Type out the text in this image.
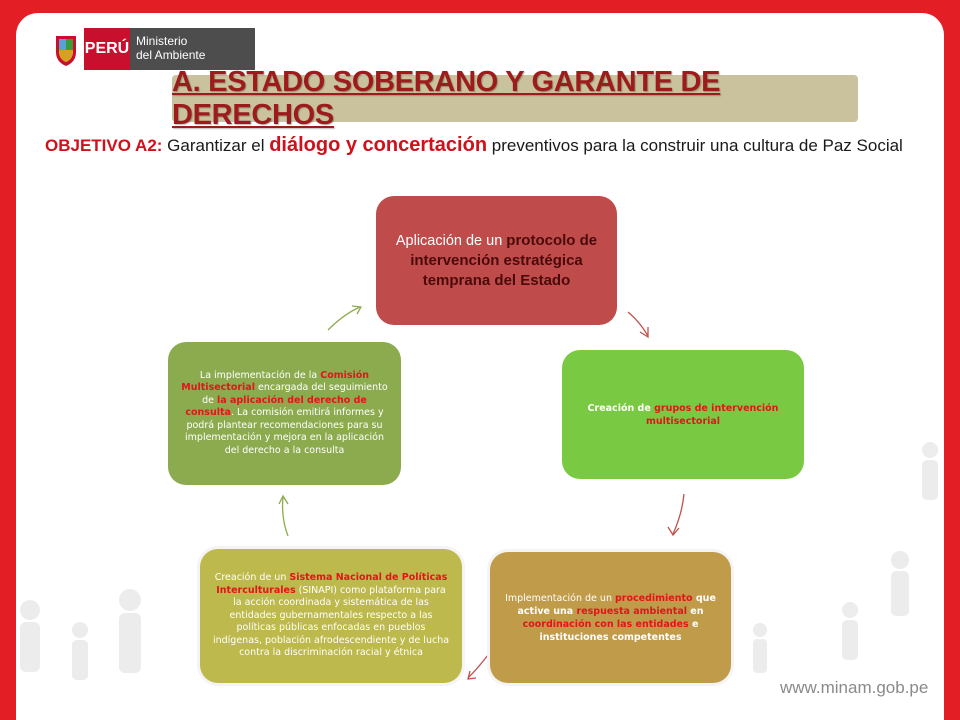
PERÚ Ministerio
del Ambiente
A. ESTADO SOBERANO Y GARANTE DE DERECHOS
OBJETIVO A2: Garantizar el diálogo y concertación preventivos para la construir una cultura de Paz Social
Aplicación de un protocolo de intervención estratégica temprana del Estado
Creación de grupos de intervención multisectorial
Implementación de un procedimiento que active una respuesta ambiental en coordinación con las entidades e instituciones competentes
Creación de un Sistema Nacional de Políticas Interculturales (SINAPI) como plataforma para la acción coordinada y sistemática de las entidades gubernamentales respecto a las políticas públicas enfocadas en pueblos indígenas, población afrodescendiente y de lucha contra la discriminación racial y étnica
La implementación de la Comisión Multisectorial encargada del seguimiento de la aplicación del derecho de consulta. La comisión emitirá informes y podrá plantear recomendaciones para su implementación y mejora en la aplicación del derecho a la consulta
www.minam.gob.pe
